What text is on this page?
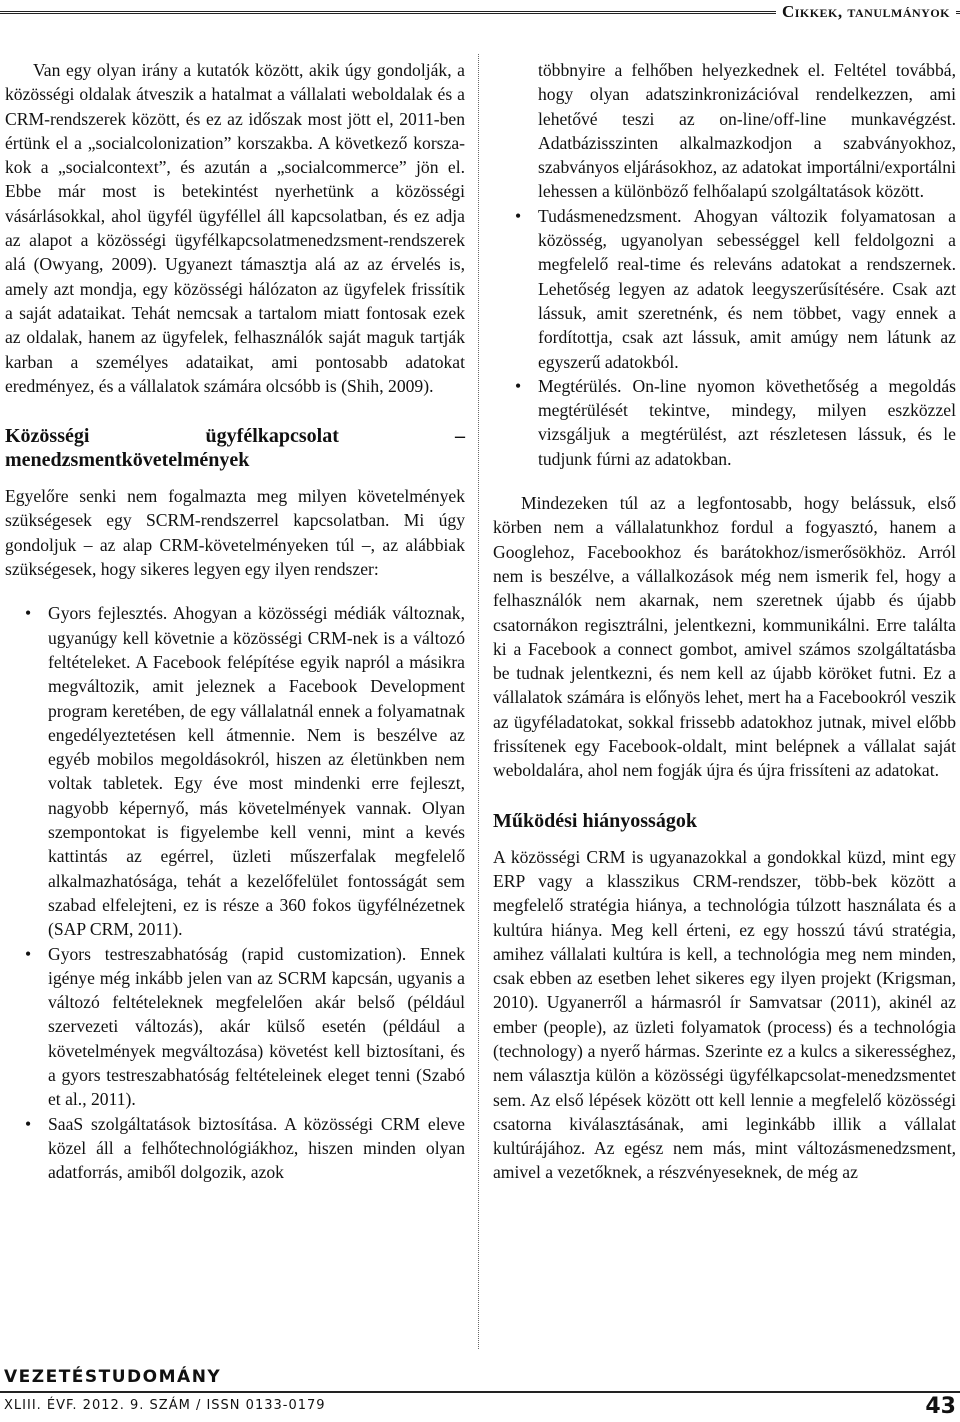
Cikkek, tanulmányok

Van egy olyan irány a kutatók között, akik úgy gondolják, a közösségi oldalak átveszik a hatalmat a vállalati weboldalak és a CRM-rendszerek között, és ez az időszak most jött el, 2011-ben értünk el a „socialcolonization” korszakba. A következő korsza-kok a „socialcontext”, és azután a „socialcommerce” jön el. Ebbe már most is betekintést nyerhetünk a közösségi vásárlásokkal, ahol ügyfél ügyféllel áll kapcsolatban, és ez adja az alapot a közösségi ügyfélkapcsolatmenedzsment-rendszerek alá (Owyang, 2009). Ugyanezt támasztja alá az az érvelés is, amely azt mondja, egy közösségi hálózaton az ügyfelek frissítik a saját adataikat. Tehát nemcsak a tartalom miatt fontosak ezek az oldalak, hanem az ügyfelek, felhasználók saját maguk tartják karban a személyes adataikat, ami pontosabb adatokat eredményez, és a vállalatok számára olcsóbb is (Shih, 2009).

Közösségi ügyfélkapcsolat – menedzsmentkövetelmények

Egyelőre senki nem fogalmazta meg milyen követelmények szükségesek egy SCRM-rendszerrel kapcsolatban. Mi úgy gondoljuk – az alap CRM-követelményeken túl –, az alábbiak szükségesek, hogy sikeres legyen egy ilyen rendszer:

• Gyors fejlesztés. Ahogyan a közösségi médiák változnak, ugyanúgy kell követnie a közösségi CRM-nek is a változó feltételeket. A Facebook felépítése egyik napról a másikra megváltozik, amit jeleznek a Facebook Development program keretében, de egy vállalatnál ennek a folyamatnak engedélyeztetésen kell átmennie. Nem is beszélve az egyéb mobilos megoldásokról, hiszen az életünkben nem voltak tabletek. Egy éve most mindenki erre fejleszt, nagyobb képernyő, más követelmények vannak. Olyan szempontokat is figyelembe kell venni, mint a kevés kattintás az egérrel, üzleti műszerfalak megfelelő alkalmazhatósága, tehát a kezelőfelület fontosságát sem szabad elfelejteni, ez is része a 360 fokos ügyfélnézetnek (SAP CRM, 2011).
• Gyors testreszabhatóság (rapid customization). Ennek igénye még inkább jelen van az SCRM kapcsán, ugyanis a változó feltételeknek megfelelően akár belső (például szervezeti változás), akár külső esetén (például a követelmények megváltozása) követést kell biztosítani, és a gyors testreszabhatóság feltételeinek eleget tenni (Szabó et al., 2011).
• SaaS szolgáltatások biztosítása. A közösségi CRM eleve közel áll a felhőtechnológiákhoz, hiszen minden olyan adatforrás, amiből dolgozik, azok
többnyire a felhőben helyezkednek el. Feltétel továbbá, hogy olyan adatszinkronizációval rendelkezzen, ami lehetővé teszi az on-line/off-line munkavégzést. Adatbázisszinten alkalmazkodjon a szabványokhoz, szabványos eljárásokhoz, az adatokat importálni/exportálni lehessen a különböző felhőalapú szolgáltatások között.
• Tudásmenedzsment. Ahogyan változik folyamatosan a közösség, ugyanolyan sebességgel kell feldolgozni a megfelelő real-time és releváns adatokat a rendszernek. Lehetőség legyen az adatok leegyszerűsítésére. Csak azt lássuk, amit szeretnénk, és nem többet, vagy ennek a fordítottja, csak azt lássuk, amit amúgy nem látunk az egyszerű adatokból.
• Megtérülés. On-line nyomon követhetőség a megoldás megtérülését tekintve, mindegy, milyen eszközzel vizsgáljuk a megtérülést, azt részletesen lássuk, és le tudjunk fúrni az adatokban.

Mindezeken túl az a legfontosabb, hogy belássuk, első körben nem a vállalatunkhoz fordul a fogyasztó, hanem a Googlehoz, Facebookhoz és barátokhoz/ismerősökhöz. Arról nem is beszélve, a vállalkozások még nem ismerik fel, hogy a felhasználók nem akarnak, nem szeretnek újabb és újabb csatornákon regisztrálni, jelentkezni, kommunikálni. Erre találta ki a Facebook a connect gombot, amivel számos szolgáltatásba be tudnak jelentkezni, és nem kell az újabb köröket futni. Ez a vállalatok számára is előnyös lehet, mert ha a Facebookról veszik az ügyféladatokat, sokkal frissebb adatokhoz jutnak, mivel előbb frissítenek egy Facebook-oldalt, mint belépnek a vállalat saját weboldalára, ahol nem fogják újra és újra frissíteni az adatokat.

Működési hiányosságok

A közösségi CRM is ugyanazokkal a gondokkal küzd, mint egy ERP vagy a klasszikus CRM-rendszer, több-bek között a megfelelő stratégia hiánya, a technológia túlzott használata és a kultúra hiánya. Meg kell érteni, ez egy hosszú távú stratégia, amihez vállalati kultúra is kell, a technológia meg nem minden, csak ebben az esetben lehet sikeres egy ilyen projekt (Krigsman, 2010). Ugyanerről a hármasról ír Samvatsar (2011), akinél az ember (people), az üzleti folyamatok (process) és a technológia (technology) a nyerő hármas. Szerinte ez a kulcs a sikerességhez, nem választja külön a közösségi ügyfélkapcsolat-menedzsmentet sem. Az első lépések között ott kell lennie a megfelelő közösségi csatorna kiválasztásának, ami leginkább illik a vállalat kultúrájához. Az egész nem más, mint változásmenedzsment, amivel a vezetőknek, a részvényeseknek, de még az

VEZETÉSTUDOMÁNY
XLIII. ÉVF. 2012. 9. SZÁM / ISSN 0133-0179	43
